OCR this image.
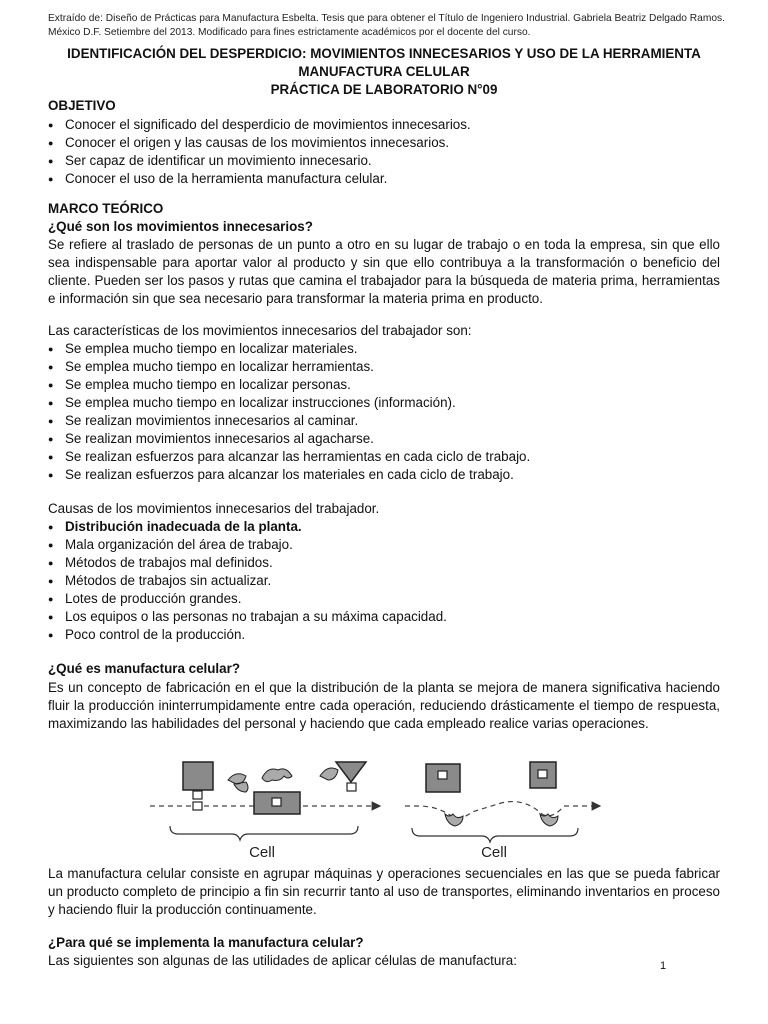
Extraído de: Diseño de Prácticas para Manufactura Esbelta. Tesis que para obtener el Título de Ingeniero Industrial. Gabriela Beatriz Delgado Ramos. México D.F. Setiembre del 2013. Modificado para fines estrictamente académicos por el docente del curso.
IDENTIFICACIÓN DEL DESPERDICIO: MOVIMIENTOS INNECESARIOS Y USO DE LA HERRAMIENTA
MANUFACTURA CELULAR
PRÁCTICA DE LABORATORIO N°09
OBJETIVO
● Conocer el significado del desperdicio de movimientos innecesarios.
● Conocer el origen y las causas de los movimientos innecesarios.
● Ser capaz de identificar un movimiento innecesario.
● Conocer el uso de la herramienta manufactura celular.
MARCO TEÓRICO
¿Qué son los movimientos innecesarios?
Se refiere al traslado de personas de un punto a otro en su lugar de trabajo o en toda la empresa, sin que ello sea indispensable para aportar valor al producto y sin que ello contribuya a la transformación o beneficio del cliente. Pueden ser los pasos y rutas que camina el trabajador para la búsqueda de materia prima, herramientas e información sin que sea necesario para transformar la materia prima en producto.
Las características de los movimientos innecesarios del trabajador son:
● Se emplea mucho tiempo en localizar materiales.
● Se emplea mucho tiempo en localizar herramientas.
● Se emplea mucho tiempo en localizar personas.
● Se emplea mucho tiempo en localizar instrucciones (información).
● Se realizan movimientos innecesarios al caminar.
● Se realizan movimientos innecesarios al agacharse.
● Se realizan esfuerzos para alcanzar las herramientas en cada ciclo de trabajo.
● Se realizan esfuerzos para alcanzar los materiales en cada ciclo de trabajo.
Causas de los movimientos innecesarios del trabajador.
● Distribución inadecuada de la planta.
● Mala organización del área de trabajo.
● Métodos de trabajos mal definidos.
● Métodos de trabajos sin actualizar.
● Lotes de producción grandes.
● Los equipos o las personas no trabajan a su máxima capacidad.
● Poco control de la producción.
¿Qué es manufactura celular?
Es un concepto de fabricación en el que la distribución de la planta se mejora de manera significativa haciendo fluir la producción ininterrumpidamente entre cada operación, reduciendo drásticamente el tiempo de respuesta, maximizando las habilidades del personal y haciendo que cada empleado realice varias operaciones.
Cell	Cell
La manufactura celular consiste en agrupar máquinas y operaciones secuenciales en las que se pueda fabricar un producto completo de principio a fin sin recurrir tanto al uso de transportes, eliminando inventarios en proceso y haciendo fluir la producción continuamente.
¿Para qué se implementa la manufactura celular?
Las siguientes son algunas de las utilidades de aplicar células de manufactura:	1
